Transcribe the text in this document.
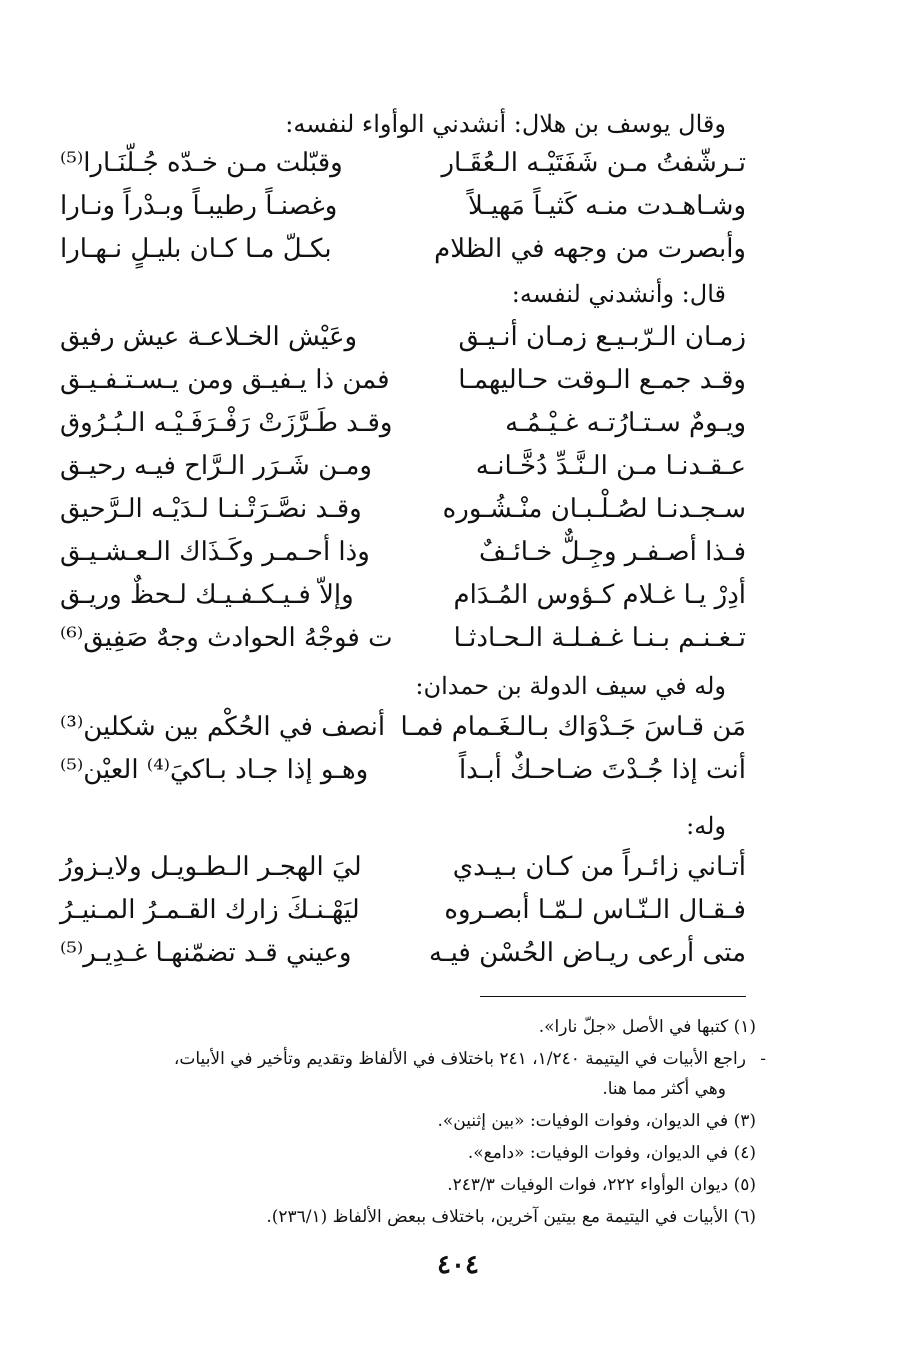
وقال يوسف بن هلال: أنشدني الوأواء لنفسه:
تـرشّفتُ مـن شَفَتَيْـه الـعُقَـار
وقبّلت مـن خـدّه جُـلّنَـارا⁽⁵⁾
وشـاهـدت منـه كَثيـاً مَهيـلاً
وغصنـاً رطيبـاً وبـدْراً ونـارا
وأبصرت من وجهه في الظلام
بكـلّ مـا كـان بليـلٍ نـهـارا
قال: وأنشدني لنفسه:
زمـان الـرّبـيـع زمـان أنـيـق
وعَيْش الخـلاعـة عيش رفيق
وقـد جمـع الـوقت حـاليهمـا
فمن ذا يـفيـق ومن يـسـتـفـيـق
ويـومٌ سـتـارُتـه غـيْـمُـه
وقـد طَـرَّزَتْ رَفْـرَفَـيْـه الـبُـرُوق
عـقـدنـا مـن الـنَّـدِّ دُخَّـانـه
ومـن شَـرَر الـرَّاح فيـه رحيـق
سـجـدنـا لصُـلْـبـان منْـشُـوره
وقـد نصَّـرَتْـنـا لـدَيْـه الـرَّحيق
فـذا أصـفـر وجِـلٌّ خـائـفٌ
وذا أحـمـر وكَـذَاك الـعـشـيـق
أدِرْ يـا غـلام كـؤوس المُـدَام
وإلاّ فـيـكـفـيـك لـحظٌ وريـق
تـغـنـم بـنـا غـفـلـة الـحـادثـا
ت فوجْهُ الحوادث وجهٌ صَفِيق⁽⁶⁾
وله في سيف الدولة بن حمدان:
مَن قـاسَ جَـدْوَاك بـالـغَـمام فمـا
أنصف في الحُكْم بين شكلين⁽³⁾
أنت إذا جُـدْتَ ضـاحـكٌ أبـداً
وهـو إذا جـاد بـاكيَ⁽⁴⁾ العيْن⁽⁵⁾
وله:
أتـاني زائـراً من كـان بـيـدي
ليَ الهجـر الـطـويـل ولايـزورُ
فـقـال الـنّـاس لـمّـا أبصـروه
ليَهْـنـكَ زارك القـمـرُ المـنيـرُ
متى أرعى ريـاض الحُسْن فيـه
وعيني قـد تضمّنهـا غـدِيـر⁽⁵⁾
(١) كتبها في الأصل «جلّ نارا».
-
راجع الأبيات في اليتيمة ١/٢٤٠، ٢٤١ باختلاف في الألفاظ وتقديم وتأخير في الأبيات،
وهي أكثر مما هنا.
(٣) في الديوان، وفوات الوفيات: «بين إثنين».
(٤) في الديوان، وفوات الوفيات: «دامع».
(٥) ديوان الوأواء ٢٢٢، فوات الوفيات ٢٤٣/٣.
(٦) الأبيات في اليتيمة مع بيتين آخرين، باختلاف ببعض الألفاظ (٢٣٦/١).
٤٠٤
